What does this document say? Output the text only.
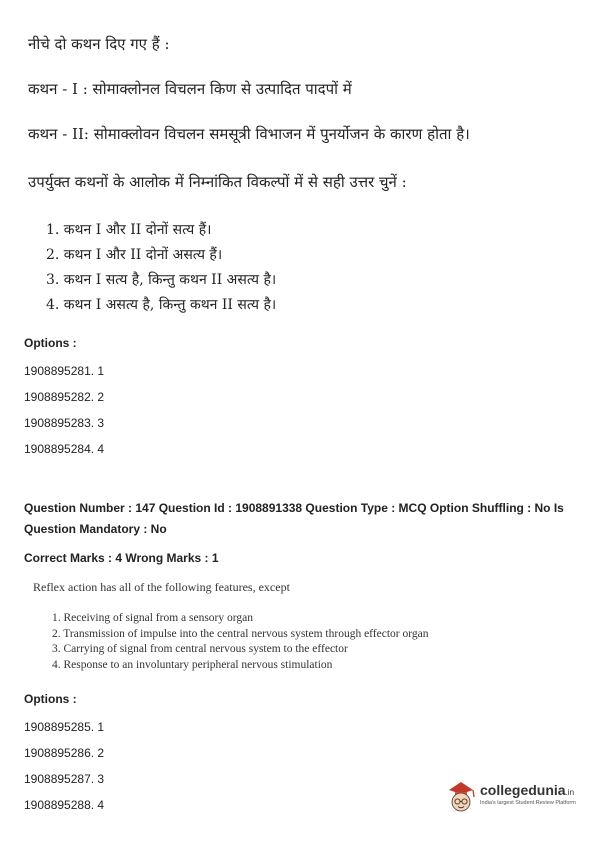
नीचे दो कथन दिए गए हैं :
कथन - I : सोमाक्लोनल विचलन किण से उत्पादित पादपों में
कथन - II: सोमाक्लोवन विचलन समसूत्री विभाजन में पुनर्योजन के कारण होता है।
उपर्युक्त कथनों के आलोक में निम्नांकित विकल्पों में से सही उत्तर चुनें :
1. कथन I और II दोनों सत्य हैं।
2. कथन I और II दोनों असत्य हैं।
3. कथन I सत्य है, किन्तु कथन II असत्य है।
4. कथन I असत्य है, किन्तु कथन II सत्य है।
Options :
1908895281. 1
1908895282. 2
1908895283. 3
1908895284. 4
Question Number : 147 Question Id : 1908891338 Question Type : MCQ Option Shuffling : No Is Question Mandatory : No
Correct Marks : 4 Wrong Marks : 1
Reflex action has all of the following features, except
1. Receiving of signal from a sensory organ
2. Transmission of impulse into the central nervous system through effector organ
3. Carrying of signal from central nervous system to the effector
4. Response to an involuntary peripheral nervous stimulation
Options :
1908895285. 1
1908895286. 2
1908895287. 3
1908895288. 4
collegedunia.in
India's largest Student Review Platform
